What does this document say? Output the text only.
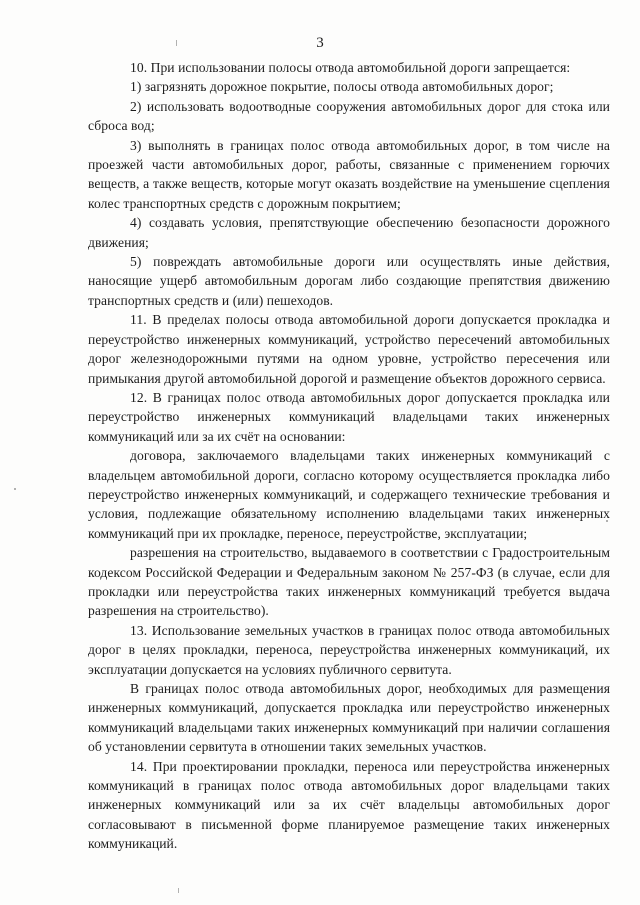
3

10. При использовании полосы отвода автомобильной дороги запрещается:

1) загрязнять дорожное покрытие, полосы отвода автомобильных дорог;

2) использовать водоотводные сооружения автомобильных дорог для стока или сброса вод;

3) выполнять в границах полос отвода автомобильных дорог, в том числе на проезжей части автомобильных дорог, работы, связанные с применением горючих веществ, а также веществ, которые могут оказать воздействие на уменьшение сцепления колес транспортных средств с дорожным покрытием;

4) создавать условия, препятствующие обеспечению безопасности дорожного движения;

5) повреждать автомобильные дороги или осуществлять иные действия, наносящие ущерб автомобильным дорогам либо создающие препятствия движению транспортных средств и (или) пешеходов.

11. В пределах полосы отвода автомобильной дороги допускается прокладка и переустройство инженерных коммуникаций, устройство пересечений автомобильных дорог железнодорожными путями на одном уровне, устройство пересечения или примыкания другой автомобильной дорогой и размещение объектов дорожного сервиса.

12. В границах полос отвода автомобильных дорог допускается прокладка или переустройство инженерных коммуникаций владельцами таких инженерных коммуникаций или за их счёт на основании:

договора, заключаемого владельцами таких инженерных коммуникаций с владельцем автомобильной дороги, согласно которому осуществляется прокладка либо переустройство инженерных коммуникаций, и содержащего технические требования и условия, подлежащие обязательному исполнению владельцами таких инженерных коммуникаций при их прокладке, переносе, переустройстве, эксплуатации;

разрешения на строительство, выдаваемого в соответствии с Градостроительным кодексом Российской Федерации и Федеральным законом № 257-ФЗ (в случае, если для прокладки или переустройства таких инженерных коммуникаций требуется выдача разрешения на строительство).

13. Использование земельных участков в границах полос отвода автомобильных дорог в целях прокладки, переноса, переустройства инженерных коммуникаций, их эксплуатации допускается на условиях публичного сервитута.

В границах полос отвода автомобильных дорог, необходимых для размещения инженерных коммуникаций, допускается прокладка или переустройство инженерных коммуникаций владельцами таких инженерных коммуникаций при наличии соглашения об установлении сервитута в отношении таких земельных участков.

14. При проектировании прокладки, переноса или переустройства инженерных коммуникаций в границах полос отвода автомобильных дорог владельцами таких инженерных коммуникаций или за их счёт владельцы автомобильных дорог согласовывают в письменной форме планируемое размещение таких инженерных коммуникаций.
